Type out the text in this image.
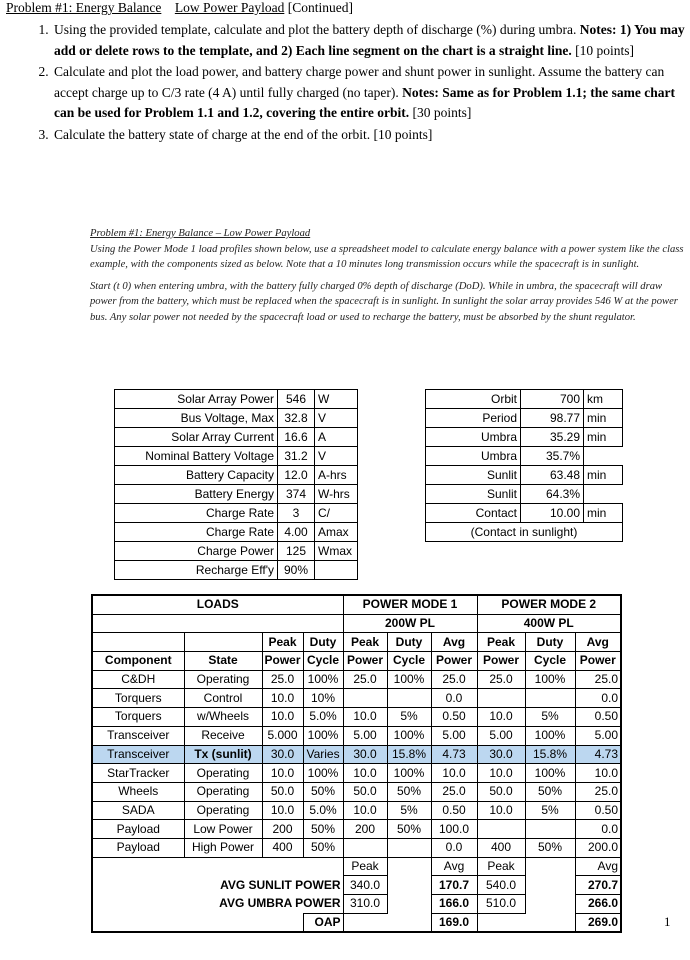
Problem #1: Energy Balance Low Power Payload [Continued]
1. Using the provided template, calculate and plot the battery depth of discharge (%) during umbra. Notes: 1) You may add or delete rows to the template, and 2) Each line segment on the chart is a straight line. [10 points]
2. Calculate and plot the load power, and battery charge power and shunt power in sunlight. Assume the battery can accept charge up to C/3 rate (4 A) until fully charged (no taper). Notes: Same as for Problem 1.1; the same chart can be used for Problem 1.1 and 1.2, covering the entire orbit. [30 points]
3. Calculate the battery state of charge at the end of the orbit. [10 points]
Problem #1: Energy Balance – Low Power Payload

Using the Power Mode 1 load profiles shown below, use a spreadsheet model to calculate energy balance with a power system like the class example, with the components sized as below. Note that a 10 minutes long transmission occurs while the spacecraft is in sunlight.

Start (t 0) when entering umbra, with the battery fully charged 0% depth of discharge (DoD). While in umbra, the spacecraft will draw power from the battery, which must be replaced when the spacecraft is in sunlight. In sunlight the solar array provides 546 W at the power bus. Any solar power not needed by the spacecraft load or used to recharge the battery, must be absorbed by the shunt regulator.

Solar Array Power	546	W
Bus Voltage, Max	32.8	V
Solar Array Current	16.6	A
Nominal Battery Voltage	31.2	V
Battery Capacity	12.0	A-hrs
Battery Energy	374	W-hrs
Charge Rate	3	C/
Charge Rate	4.00	Amax
Charge Power	125	Wmax
Recharge Eff'y	90%	
Orbit	700	km
Period	98.77	min
Umbra	35.29	min
Umbra	35.7%	
Sunlit	63.48	min
Sunlit	64.3%	
Contact	10.00	min
(Contact in sunlight)		
LOADS				POWER MODE 1			POWER MODE 2		
				200W PL			400W PL		
		Peak	Duty	Peak	Duty	Avg	Peak	Duty	Avg
Component	State	Power	Cycle	Power	Cycle	Power	Power	Cycle	Power
C&DH	Operating	25.0	100%	25.0	100%	25.0	25.0	100%	25.0
Torquers	Control	10.0	10%			0.0			0.0
Torquers	w/Wheels	10.0	5.0%	10.0	5%	0.50	10.0	5%	0.50
Transceiver	Receive	5.000	100%	5.00	100%	5.00	5.00	100%	5.00
Transceiver	Tx (sunlit)	30.0	Varies	30.0	15.8%	4.73	30.0	15.8%	4.73
StarTracker	Operating	10.0	100%	10.0	100%	10.0	10.0	100%	10.0
Wheels	Operating	50.0	50%	50.0	50%	25.0	50.0	50%	25.0
SADA	Operating	10.0	5.0%	10.0	5%	0.50	10.0	5%	0.50
Payload	Low Power	200	50%	200	50%	100.0			0.0
Payload	High Power	400	50%			0.0	400	50%	200.0
				Peak		Avg	Peak		Avg
AVG SUNLIT POWER				340.0		170.7	540.0		270.7
AVG UMBRA POWER				310.0		166.0	510.0		266.0
			OAP			169.0			269.0	1
